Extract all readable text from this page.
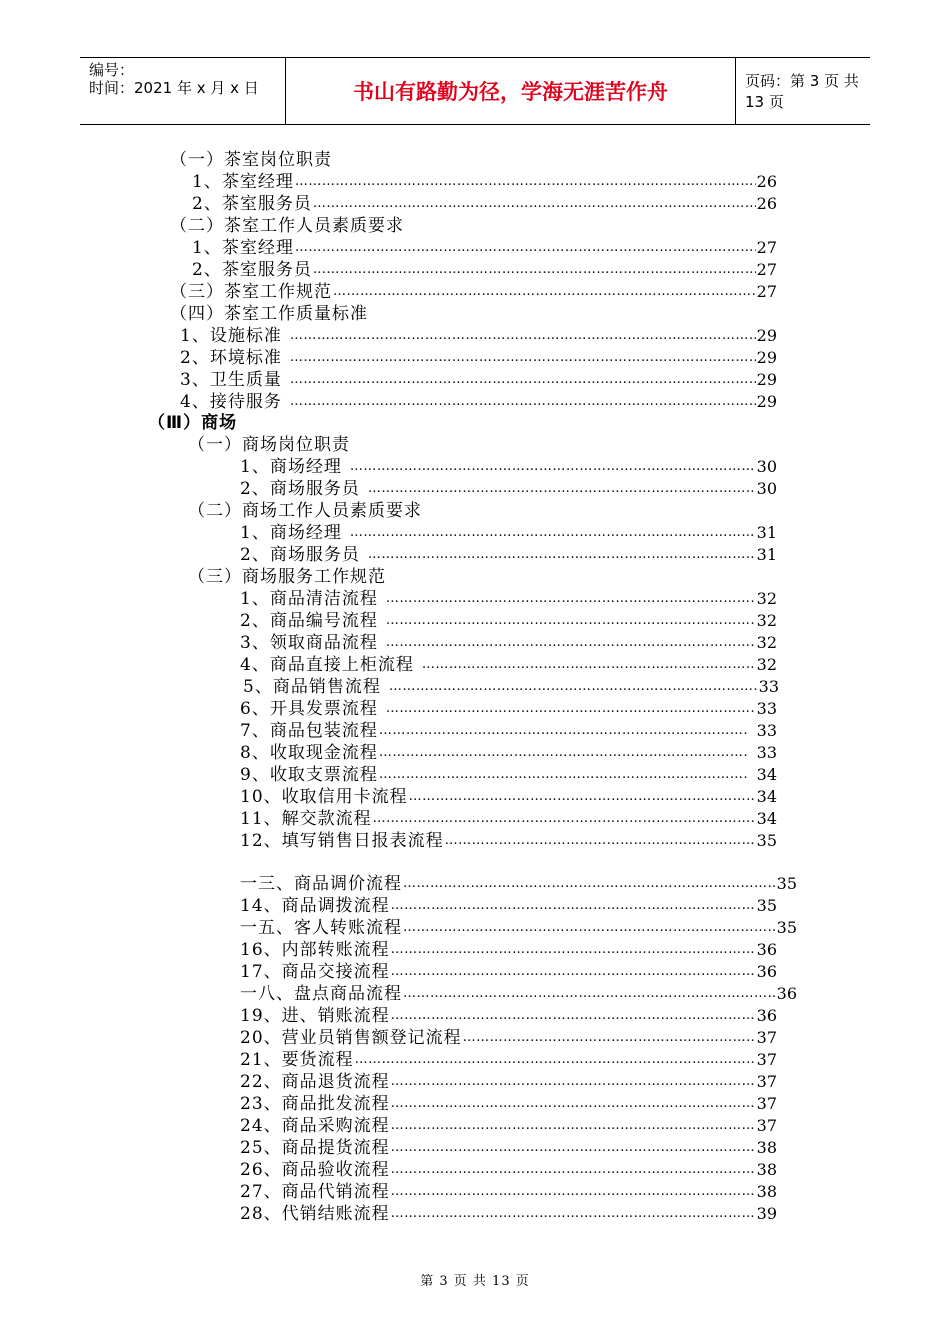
编号：
时间：2021 年 x 月 x 日	书山有路勤为径，学海无涯苦作舟	页码：第 3 页 共 13 页
（一）茶室岗位职责
1、茶室经理 …………………………………………………………………………………………………………………………………………………………………………………………	26
2、茶室服务员 …………………………………………………………………………………………………………………………………………………………………………………………	26
（二）茶室工作人员素质要求
1、茶室经理 …………………………………………………………………………………………………………………………………………………………………………………………	27
2、茶室服务员 …………………………………………………………………………………………………………………………………………………………………………………………	27
（三）茶室工作规范 …………………………………………………………………………………………………………………………………………………………………………………………	27
（四）茶室工作质量标准
1、设施标准 …………………………………………………………………………………………………………………………………………………………………………………………	29
2、环境标准 …………………………………………………………………………………………………………………………………………………………………………………………	29
3、卫生质量 …………………………………………………………………………………………………………………………………………………………………………………………	29
4、接待服务 …………………………………………………………………………………………………………………………………………………………………………………………	29
（Ⅲ）商场
（一）商场岗位职责
1、商场经理 …………………………………………………………………………………………………………………………………………………………………………………………	30
2、商场服务员 …………………………………………………………………………………………………………………………………………………………………………………………	30
（二）商场工作人员素质要求
1、商场经理 …………………………………………………………………………………………………………………………………………………………………………………………	31
2、商场服务员 …………………………………………………………………………………………………………………………………………………………………………………………	31
（三）商场服务工作规范
1、商品清洁流程 …………………………………………………………………………………………………………………………………………………………………………………………	32
2、商品编号流程 …………………………………………………………………………………………………………………………………………………………………………………………	32
3、领取商品流程 …………………………………………………………………………………………………………………………………………………………………………………………	32
4、商品直接上柜流程 …………………………………………………………………………………………………………………………………………………………………………………………	32
5、商品销售流程 …………………………………………………………………………………………………………………………………………………………………………………………	33
6、开具发票流程 …………………………………………………………………………………………………………………………………………………………………………………………	33
7、商品包装流程 …………………………………………………………………………………………………………………………………………………………………………………………	33
8、收取现金流程 …………………………………………………………………………………………………………………………………………………………………………………………	33
9、收取支票流程 …………………………………………………………………………………………………………………………………………………………………………………………	34
10、收取信用卡流程 …………………………………………………………………………………………………………………………………………………………………………………………	34
11、解交款流程 …………………………………………………………………………………………………………………………………………………………………………………………	34
12、填写销售日报表流程 …………………………………………………………………………………………………………………………………………………………………………………………	35
一三、商品调价流程 …………………………………………………………………………………………………………………………………………………………………………………………	35
14、商品调拨流程 …………………………………………………………………………………………………………………………………………………………………………………………	35
一五、客人转账流程 …………………………………………………………………………………………………………………………………………………………………………………………	35
16、内部转账流程 …………………………………………………………………………………………………………………………………………………………………………………………	36
17、商品交接流程 …………………………………………………………………………………………………………………………………………………………………………………………	36
一八、盘点商品流程 …………………………………………………………………………………………………………………………………………………………………………………………	36
19、进、销账流程 …………………………………………………………………………………………………………………………………………………………………………………………	36
20、营业员销售额登记流程 …………………………………………………………………………………………………………………………………………………………………………………………	37
21、要货流程 …………………………………………………………………………………………………………………………………………………………………………………………	37
22、商品退货流程 …………………………………………………………………………………………………………………………………………………………………………………………	37
23、商品批发流程 …………………………………………………………………………………………………………………………………………………………………………………………	37
24、商品采购流程 …………………………………………………………………………………………………………………………………………………………………………………………	37
25、商品提货流程 …………………………………………………………………………………………………………………………………………………………………………………………	38
26、商品验收流程 …………………………………………………………………………………………………………………………………………………………………………………………	38
27、商品代销流程 …………………………………………………………………………………………………………………………………………………………………………………………	38
28、代销结账流程 …………………………………………………………………………………………………………………………………………………………………………………………	39
第 3 页 共 13 页
